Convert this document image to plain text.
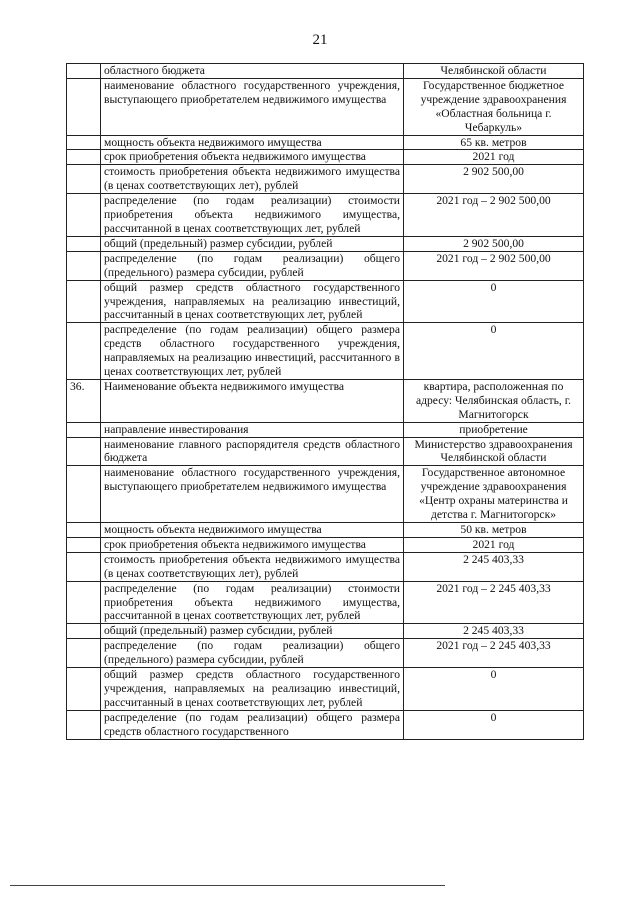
21
	областного бюджета	Челябинской области
	наименование областного государственного учреждения, выступающего приобретателем недвижимого имущества	Государственное бюджетное учреждение здравоохранения «Областная больница г. Чебаркуль»
	мощность объекта недвижимого имущества	65 кв. метров
	срок приобретения объекта недвижимого имущества	2021 год
	стоимость приобретения объекта недвижимого имущества (в ценах соответствующих лет), рублей	2 902 500,00
	распределение (по годам реализации) стоимости приобретения объекта недвижимого имущества, рассчитанной в ценах соответствующих лет, рублей	2021 год – 2 902 500,00
	общий (предельный) размер субсидии, рублей	2 902 500,00
	распределение (по годам реализации) общего (предельного) размера субсидии, рублей	2021 год – 2 902 500,00
	общий размер средств областного государственного учреждения, направляемых на реализацию инвестиций, рассчитанный в ценах соответствующих лет, рублей	0
	распределение (по годам реализации) общего размера средств областного государственного учреждения, направляемых на реализацию инвестиций, рассчитанного в ценах соответствующих лет, рублей	0
36.	Наименование объекта недвижимого имущества	квартира, расположенная по адресу: Челябинская область, г. Магнитогорск
	направление инвестирования	приобретение
	наименование главного распорядителя средств областного бюджета	Министерство здравоохранения Челябинской области
	наименование областного государственного учреждения, выступающего приобретателем недвижимого имущества	Государственное автономное учреждение здравоохранения «Центр охраны материнства и детства г. Магнитогорск»
	мощность объекта недвижимого имущества	50 кв. метров
	срок приобретения объекта недвижимого имущества	2021 год
	стоимость приобретения объекта недвижимого имущества (в ценах соответствующих лет), рублей	2 245 403,33
	распределение (по годам реализации) стоимости приобретения объекта недвижимого имущества, рассчитанной в ценах соответствующих лет, рублей	2021 год – 2 245 403,33
	общий (предельный) размер субсидии, рублей	2 245 403,33
	распределение (по годам реализации) общего (предельного) размера субсидии, рублей	2021 год – 2 245 403,33
	общий размер средств областного государственного учреждения, направляемых на реализацию инвестиций, рассчитанный в ценах соответствующих лет, рублей	0
	распределение (по годам реализации) общего размера средств областного государственного	0
